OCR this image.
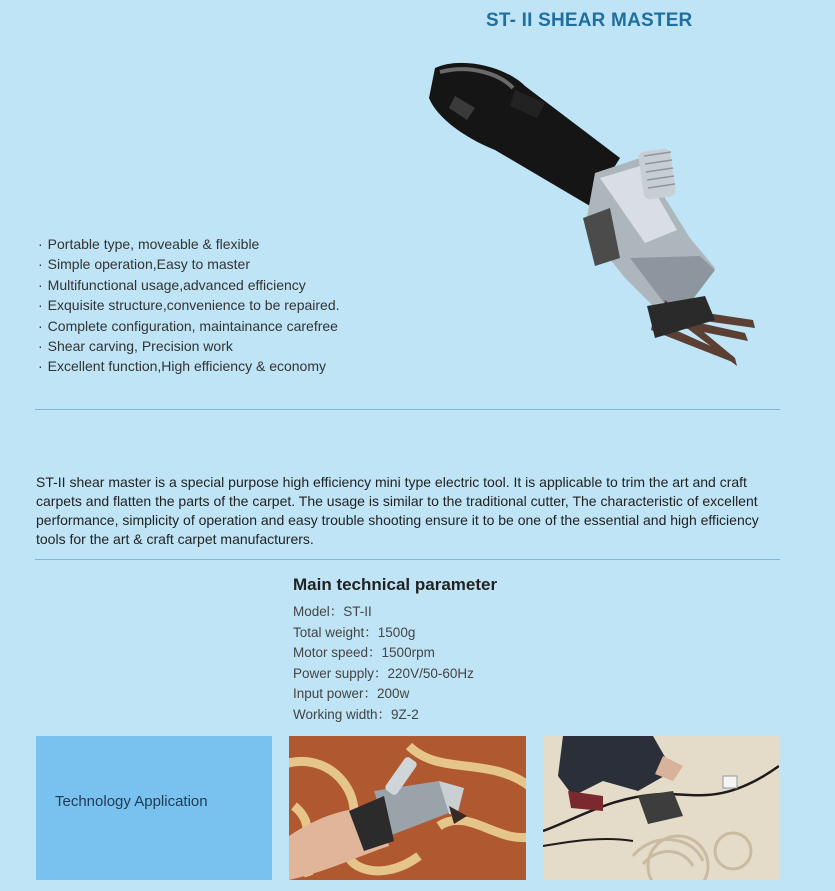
ST- II SHEAR MASTER
· Portable type, moveable & flexible
· Simple operation,Easy to master
· Multifunctional usage,advanced efficiency
· Exquisite structure,convenience to be repaired.
· Complete configuration, maintainance carefree
· Shear carving, Precision work
· Excellent function,High efficiency & economy

ST-II shear master is a special purpose high efficiency mini type electric tool. It is applicable to trim the art and craft carpets and flatten the parts of the carpet. The usage is similar to the traditional cutter, The characteristic of excellent performance, simplicity of operation and easy trouble shooting ensure it to be one of the essential and high efficiency tools for the art & craft carpet manufacturers.

Main technical parameter
Model：ST-II
Total weight：1500g
Motor speed：1500rpm
Power supply：220V/50-60Hz
Input power：200w
Working width：9Z-2
Technology Application
